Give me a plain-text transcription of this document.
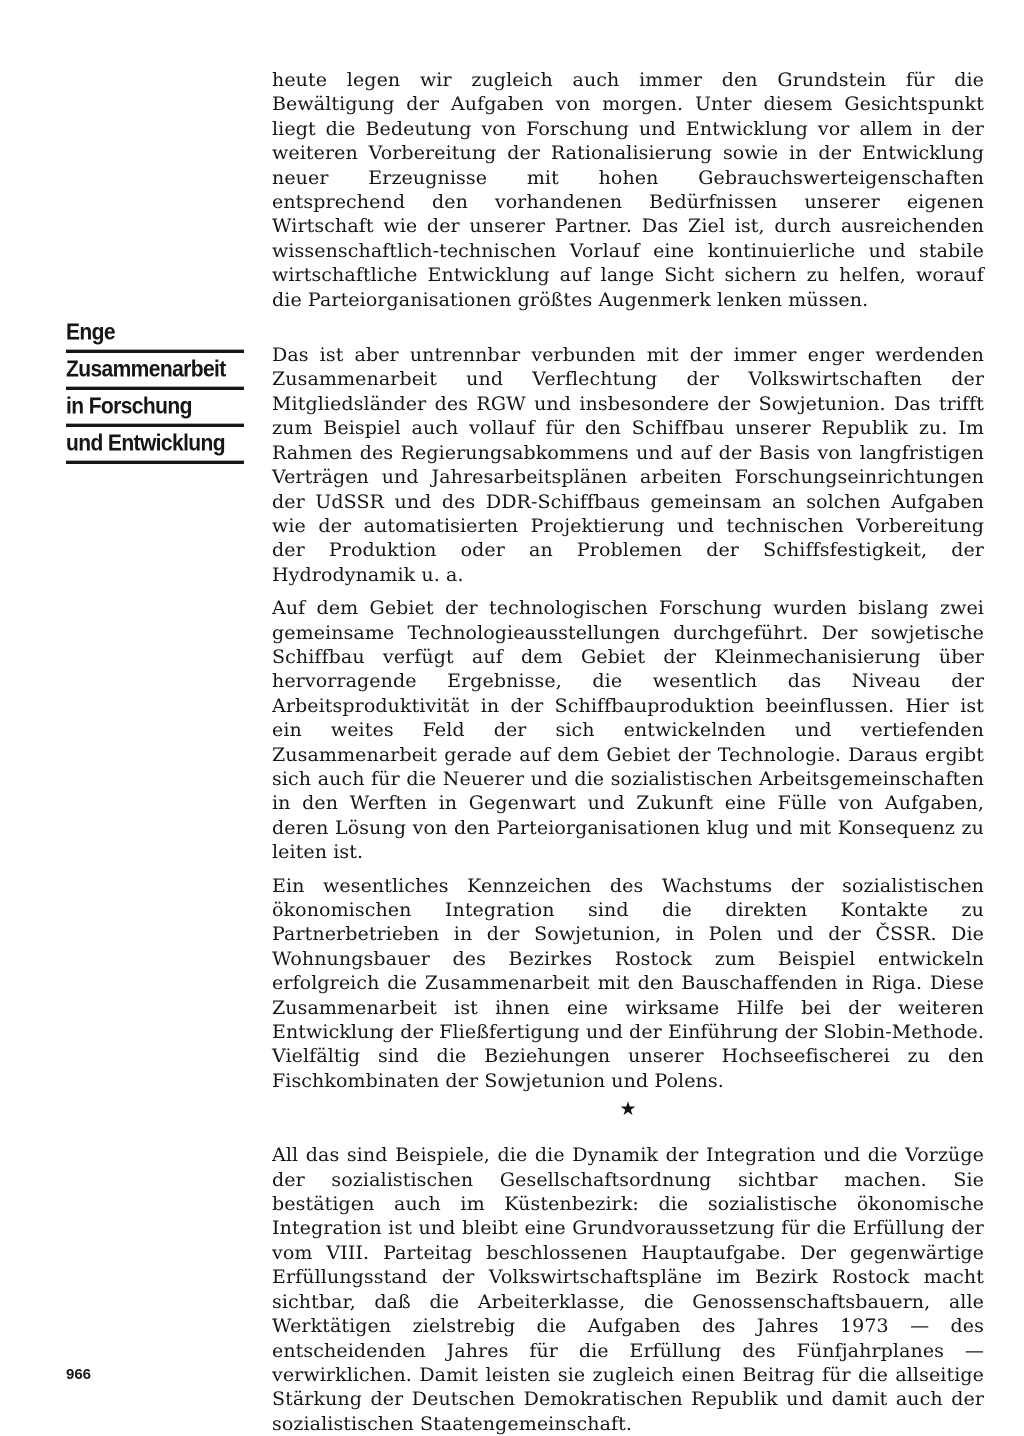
Enge
Zusammenarbeit
in Forschung
und Entwicklung

heute legen wir zugleich auch immer den Grundstein für die Bewältigung der Aufgaben von morgen. Unter diesem Gesichtspunkt liegt die Bedeutung von Forschung und Entwicklung vor allem in der weiteren Vorbereitung der Rationalisierung sowie in der Entwicklung neuer Erzeugnisse mit hohen Gebrauchswerteigenschaften entsprechend den vorhandenen Bedürfnissen unserer eigenen Wirtschaft wie der unserer Partner. Das Ziel ist, durch ausreichenden wissenschaftlich-technischen Vorlauf eine kontinuierliche und stabile wirtschaftliche Entwicklung auf lange Sicht sichern zu helfen, worauf die Parteiorganisationen größtes Augenmerk lenken müssen.

Das ist aber untrennbar verbunden mit der immer enger werdenden Zusammenarbeit und Verflechtung der Volkswirtschaften der Mitgliedsländer des RGW und insbesondere der Sowjetunion. Das trifft zum Beispiel auch vollauf für den Schiffbau unserer Republik zu. Im Rahmen des Regierungsabkommens und auf der Basis von langfristigen Verträgen und Jahresarbeitsplänen arbeiten Forschungseinrichtungen der UdSSR und des DDR-Schiffbaus gemeinsam an solchen Aufgaben wie der automatisierten Projektierung und technischen Vorbereitung der Produktion oder an Problemen der Schiffsfestigkeit, der Hydrodynamik u. a.

Auf dem Gebiet der technologischen Forschung wurden bislang zwei gemeinsame Technologieausstellungen durchgeführt. Der sowjetische Schiffbau verfügt auf dem Gebiet der Kleinmechanisierung über hervorragende Ergebnisse, die wesentlich das Niveau der Arbeitsproduktivität in der Schiffbauproduktion beeinflussen. Hier ist ein weites Feld der sich entwickelnden und vertiefenden Zusammenarbeit gerade auf dem Gebiet der Technologie. Daraus ergibt sich auch für die Neuerer und die sozialistischen Arbeitsgemeinschaften in den Werften in Gegenwart und Zukunft eine Fülle von Aufgaben, deren Lösung von den Parteiorganisationen klug und mit Konsequenz zu leiten ist.

Ein wesentliches Kennzeichen des Wachstums der sozialistischen ökonomischen Integration sind die direkten Kontakte zu Partnerbetrieben in der Sowjetunion, in Polen und der ČSSR. Die Wohnungsbauer des Bezirkes Rostock zum Beispiel entwickeln erfolgreich die Zusammenarbeit mit den Bauschaffenden in Riga. Diese Zusammenarbeit ist ihnen eine wirksame Hilfe bei der weiteren Entwicklung der Fließfertigung und der Einführung der Slobin-Methode. Vielfältig sind die Beziehungen unserer Hochseefischerei zu den Fischkombinaten der Sowjetunion und Polens.

★

All das sind Beispiele, die die Dynamik der Integration und die Vorzüge der sozialistischen Gesellschaftsordnung sichtbar machen. Sie bestätigen auch im Küstenbezirk: die sozialistische ökonomische Integration ist und bleibt eine Grundvoraussetzung für die Erfüllung der vom VIII. Parteitag beschlossenen Hauptaufgabe. Der gegenwärtige Erfüllungsstand der Volkswirtschaftspläne im Bezirk Rostock macht sichtbar, daß die Arbeiterklasse, die Genossenschaftsbauern, alle Werktätigen zielstrebig die Aufgaben des Jahres 1973 — des entscheidenden Jahres für die Erfüllung des Fünfjahrplanes — verwirklichen. Damit leisten sie zugleich einen Beitrag für die allseitige Stärkung der Deutschen Demokratischen Republik und damit auch der sozialistischen Staatengemeinschaft.

966
